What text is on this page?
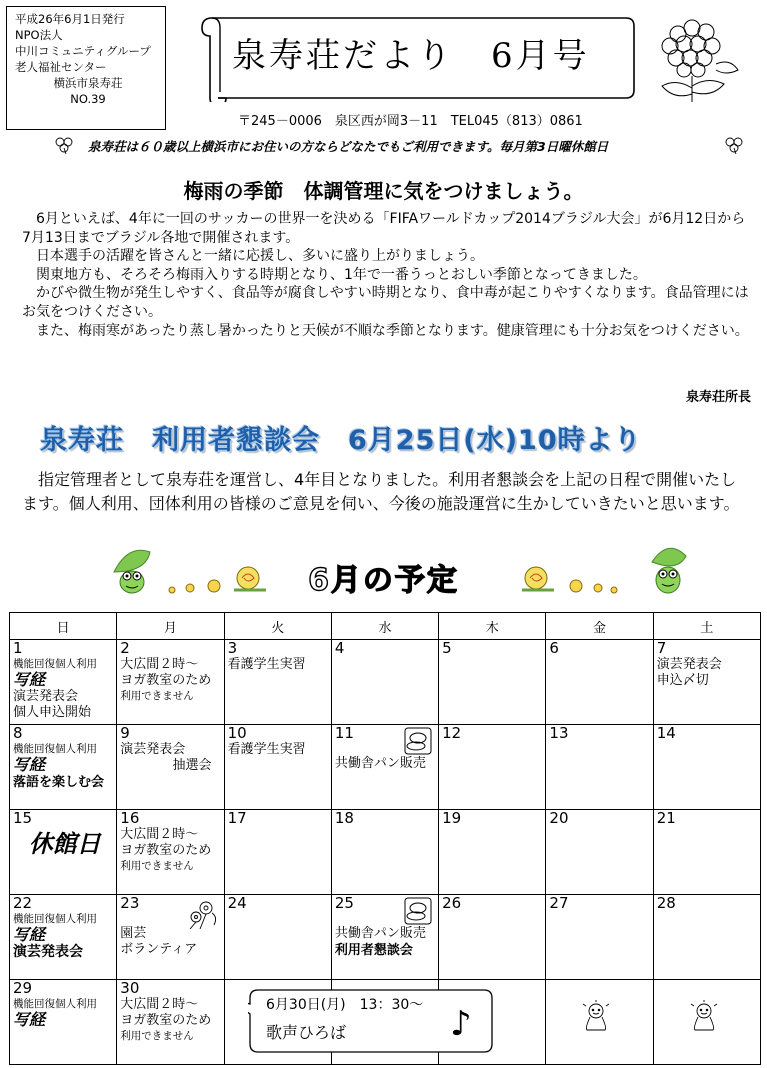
平成26年6月1日発行
NPO法人
中川コミュニティグループ
老人福祉センター
横浜市泉寿荘
NO.39
泉寿荘だより　6月号
〒245－0006　泉区西が岡3－11　TEL045（813）0861
泉寿荘は６０歳以上横浜市にお住いの方ならどなたでもご利用できます。毎月第3日曜休館日
梅雨の季節　体調管理に気をつけましょう。

　6月といえば、4年に一回のサッカーの世界一を決める「FIFAワールドカップ2014ブラジル大会」が6月12日から7月13日までブラジル各地で開催されます。

　日本選手の活躍を皆さんと一緒に応援し、多いに盛り上がりましょう。

　関東地方も、そろそろ梅雨入りする時期となり、1年で一番うっとおしい季節となってきました。

　かびや微生物が発生しやすく、食品等が腐食しやすい時期となり、食中毒が起こりやすくなります。食品管理にはお気をつけください。

　また、梅雨寒があったり蒸し暑かったりと天候が不順な季節となります。健康管理にも十分お気をつけください。

泉寿荘所長
泉寿荘　利用者懇談会　6月25日(水)10時より
　指定管理者として泉寿荘を運営し、4年目となりました。利用者懇談会を上記の日程で開催いたします。個人利用、団体利用の皆様のご意見を伺い、今後の施設運営に生かしていきたいと思います。
6月の予定
日	月	火	水	木	金	土

1
機能回復個人利用
写経
演芸発表会
個人申込開始	2
大広間２時～
ヨガ教室のため
利用できません	3
看護学生実習	4	5	6	7
演芸発表会
申込〆切

8
機能回復個人利用
写経
落語を楽しむ会	9
演芸発表会
抽選会	10
看護学生実習	11
共働舎パン販売	12	13	14

15
休館日	16
大広間２時～
ヨガ教室のため
利用できません	17	18	19	20	21

22
機能回復個人利用
写経
演芸発表会	23
園芸
ボランティア	24	25
共働舎パン販売
利用者懇談会	26	27	28

29
機能回復個人利用
写経	30
大広間２時～
ヨガ教室のため
利用できません

6月30日(月)　13：30～
歌声ひろば	♪
